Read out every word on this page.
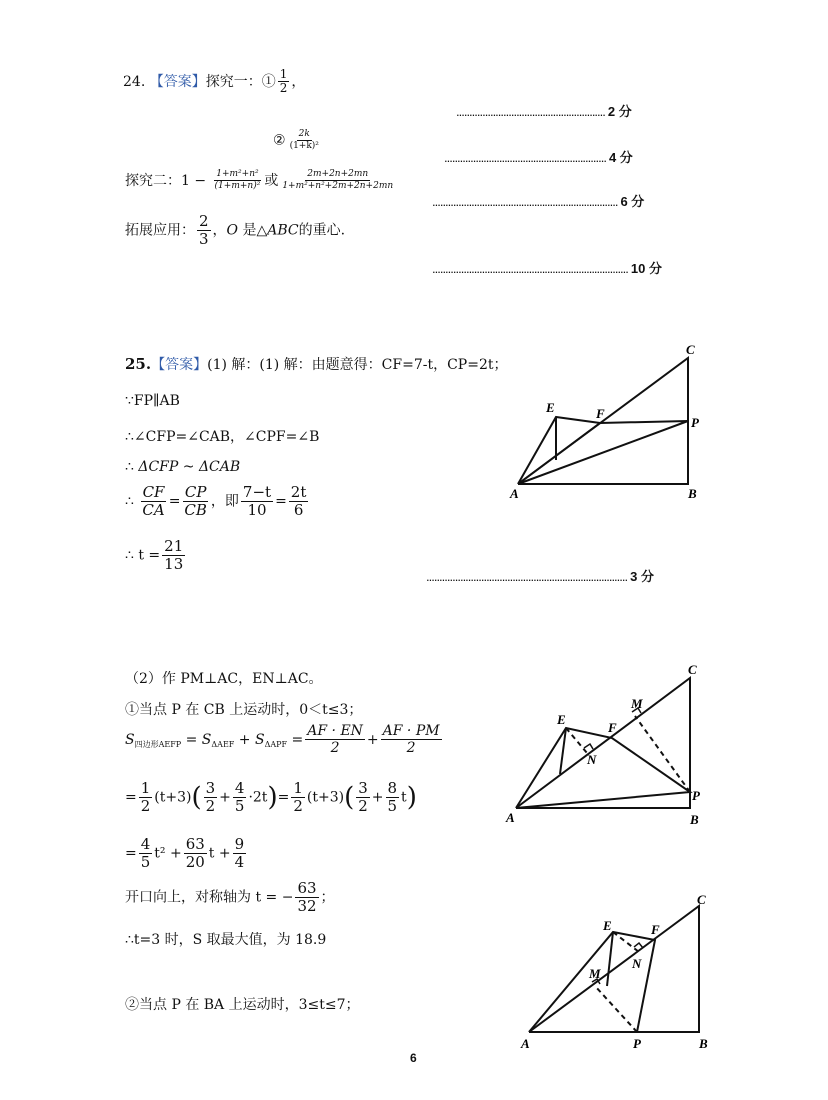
24. 【答案】探究一：① $\frac{1}{2}$ ，
......................................................... 2 分
② $\frac{2k}{\text{(1+k)²}}$
.............................................................. 4 分
探究二：$1 - \frac{\text{1+m²+n²}}{\text{(1+m+n)²}}$ 或 $\frac{2m+2n+2mn}{\text{1+m²+n²+2m+2n+2mn}}$
....................................................................... 6 分
拓展应用： $\frac{2}{3}$ ，O 是△ABC的重心.
........................................................................... 10 分
25.【答案】(1) 解：(1) 解：由题意得：CF=7-t，CP=2t；
∵FP∥AB
∴∠CFP=∠CAB，∠CPF=∠B
∴ ΔCFP ~ ΔCAB
∴ $\frac{CF}{CA} = \frac{CP}{CB}$ ，即 $\frac{7-t}{10} = \frac{2t}{6}$
∴ $t = \frac{21}{13}$
............................................................................. 3 分
C
E	F
P
A	B
（2）作 PM⊥AC，EN⊥AC。
①当点 P 在 CB 上运动时，0＜t≤3；
$S_{四边形AEFP} = S_{\Delta AEF} + S_{\Delta APF} = \frac{AF \cdot EN}{2} + \frac{AF \cdot PM}{2}$
= $\frac{1}{2} (t+3)( \frac{3}{2} + \frac{4}{5} \cdot 2t)= \frac{1}{2} (t+3)( \frac{3}{2} + \frac{8}{5} t)$
= $\frac{4}{5} t^2 + \frac{63}{20}$ $t + \frac{9}{4}$
开口向上，对称轴为 t = − $\frac{63}{32}$ ；
∴t=3 时，S 取最大值，为 18.9
②当点 P 在 BA 上运动时，3≤t≤7；
C
M
E
F
N
P
A	B
C
E	F
M
N
A	P	B
6
